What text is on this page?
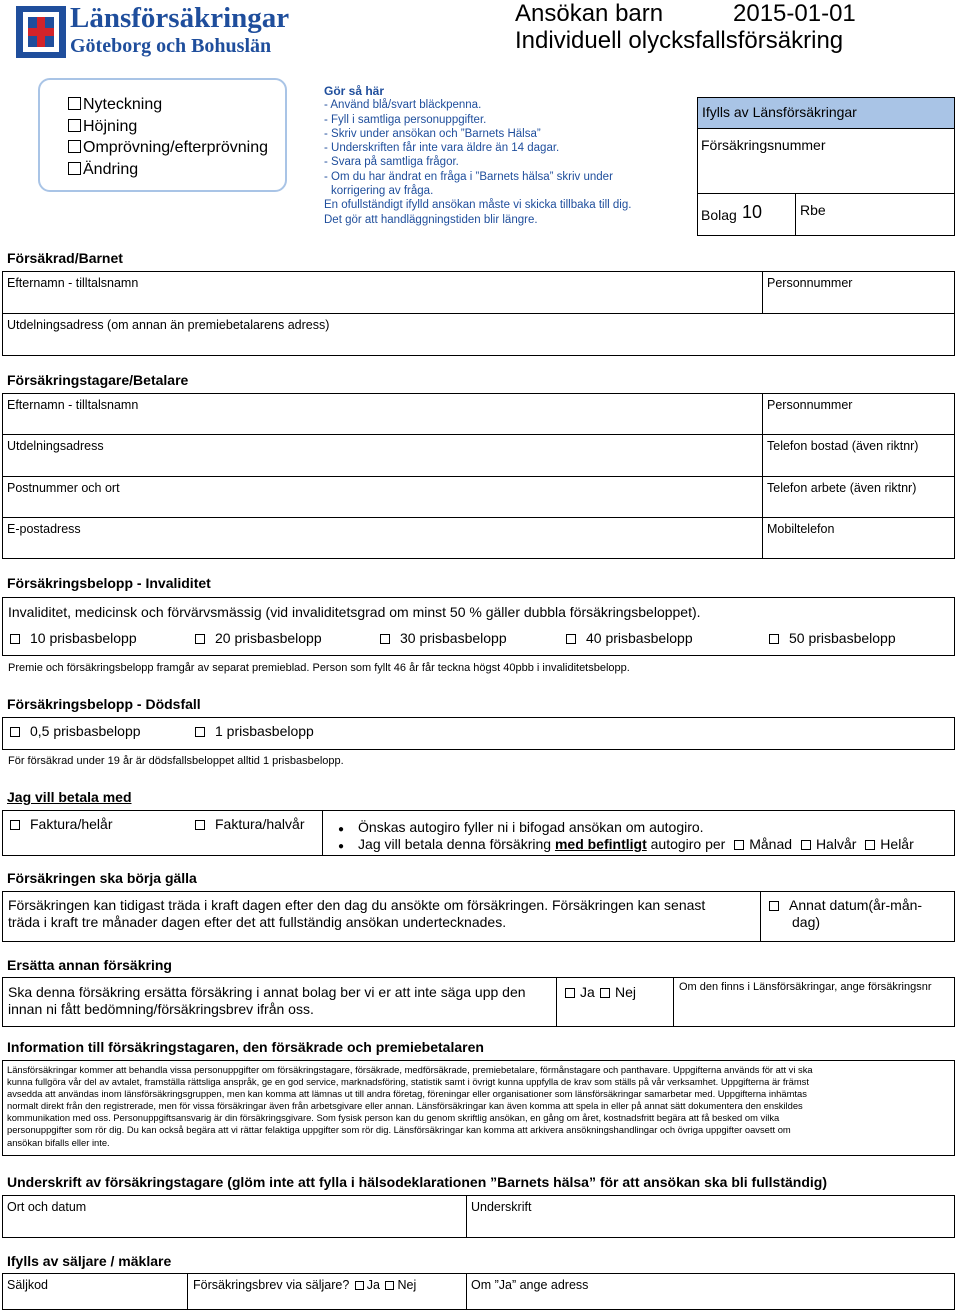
Länsförsäkringar
Göteborg och Bohuslän
Ansökan barn	2015-01-01
Individuell olycksfallsförsäkring
Nyteckning
Höjning
Omprövning/efterprövning
Ändring
Gör så här
- Använd blå/svart bläckpenna.
- Fyll i samtliga personuppgifter.
- Skriv under ansökan och ”Barnets Hälsa”
- Underskriften får inte vara äldre än 14 dagar.
- Svara på samtliga frågor.
- Om du har ändrat en fråga i ”Barnets hälsa” skriv under
korrigering av fråga.
En ofullständigt ifylld ansökan måste vi skicka tillbaka till dig.
Det gör att handläggningstiden blir längre.
Ifylls av Länsförsäkringar
Försäkringsnummer
Bolag 10	Rbe
Försäkrad/Barnet
Efternamn - tilltalsnamn	Personnummer
Utdelningsadress (om annan än premiebetalarens adress)
Försäkringstagare/Betalare
Efternamn - tilltalsnamn	Personnummer
Utdelningsadress	Telefon bostad (även riktnr)
Postnummer och ort	Telefon arbete (även riktnr)
E-postadress	Mobiltelefon
Försäkringsbelopp - Invaliditet
Invaliditet, medicinsk och förvärvsmässig (vid invaliditetsgrad om minst 50 % gäller dubbla försäkringsbeloppet).
10 prisbasbelopp	20 prisbasbelopp	30 prisbasbelopp	40 prisbasbelopp	50 prisbasbelopp
Premie och försäkringsbelopp framgår av separat premieblad. Person som fyllt 46 år får teckna högst 40pbb i invaliditetsbelopp.
Försäkringsbelopp - Dödsfall
0,5 prisbasbelopp	1 prisbasbelopp
För försäkrad under 19 år är dödsfallsbeloppet alltid 1 prisbasbelopp.
Jag vill betala med
Faktura/helår	Faktura/halvår	● Önskas autogiro fyller ni i bifogad ansökan om autogiro.
● Jag vill betala denna försäkring med befintligt autogiro per Månad Halvår Helår
Försäkringen ska börja gälla
Försäkringen kan tidigast träda i kraft dagen efter den dag du ansökte om försäkringen. Försäkringen kan senast
träda i kraft tre månader dagen efter det att fullständig ansökan undertecknades.
Annat datum(år-mån-
dag)
Ersätta annan försäkring
Ska denna försäkring ersätta försäkring i annat bolag ber vi er att inte säga upp den
innan ni fått bedömning/försäkringsbrev ifrån oss.
Ja	Nej	Om den finns i Länsförsäkringar, ange försäkringsnr
Information till försäkringstagaren, den försäkrade och premiebetalaren
Länsförsäkringar kommer att behandla vissa personuppgifter om försäkringstagare, försäkrade, medförsäkrade, premiebetalare, förmånstagare och panthavare. Uppgifterna används för att vi ska
kunna fullgöra vår del av avtalet, framställa rättsliga anspråk, ge en god service, marknadsföring, statistik samt i övrigt kunna uppfylla de krav som ställs på vår verksamhet. Uppgifterna är främst
avsedda att användas inom länsförsäkringsgruppen, men kan komma att lämnas ut till andra företag, föreningar eller organisationer som länsförsäkringar samarbetar med. Uppgifterna inhämtas
normalt direkt från den registrerade, men för vissa försäkringar även från arbetsgivare eller annan. Länsförsäkringar kan även komma att spela in eller på annat sätt dokumentera den enskildes
kommunikation med oss. Personuppgiftsansvarig är din försäkringsgivare. Som fysisk person kan du genom skriftlig ansökan, en gång om året, kostnadsfritt begära att få besked om vilka
personuppgifter som rör dig. Du kan också begära att vi rättar felaktiga uppgifter som rör dig. Länsförsäkringar kan komma att arkivera ansökningshandlingar och övriga uppgifter oavsett om
ansökan bifalls eller inte.
Underskrift av försäkringstagare (glöm inte att fylla i hälsodeklarationen ”Barnets hälsa” för att ansökan ska bli fullständig)
Ort och datum	Underskrift
Ifylls av säljare / mäklare
Säljkod	Försäkringsbrev via säljare? Ja Nej	Om ”Ja” ange adress
